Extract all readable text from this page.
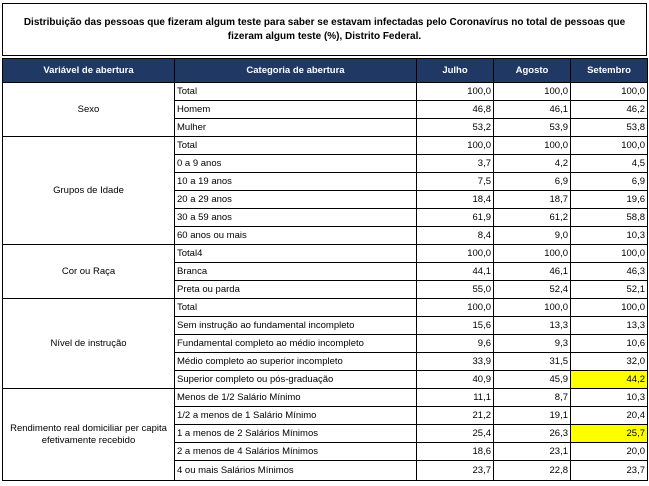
Distribuição das pessoas que fizeram algum teste para saber se estavam infectadas pelo Coronavírus no total de pessoas que
fizeram algum teste (%), Distrito Federal.
Variável de abertura	Categoria de abertura	Julho	Agosto	Setembro
Sexo	Total	100,0	100,0	100,0
	Homem	46,8	46,1	46,2
	Mulher	53,2	53,9	53,8
Grupos de Idade	Total	100,0	100,0	100,0
	0 a 9 anos	3,7	4,2	4,5
	10 a 19 anos	7,5	6,9	6,9
	20 a 29 anos	18,4	18,7	19,6
	30 a 59 anos	61,9	61,2	58,8
	60 anos ou mais	8,4	9,0	10,3
Cor ou Raça	Total4	100,0	100,0	100,0
	Branca	44,1	46,1	46,3
	Preta ou parda	55,0	52,4	52,1
Nível de instrução	Total	100,0	100,0	100,0
	Sem instrução ao fundamental incompleto	15,6	13,3	13,3
	Fundamental completo ao médio incompleto	9,6	9,3	10,6
	Médio completo ao superior incompleto	33,9	31,5	32,0
	Superior completo ou pós-graduação	40,9	45,9	44,2
Rendimento real domiciliar per capita efetivamente recebido	Menos de 1/2 Salário Mínimo	11,1	8,7	10,3
	1/2 a menos de 1 Salário Mínimo	21,2	19,1	20,4
	1 a menos de 2 Salários Mínimos	25,4	26,3	25,7
	2 a menos de 4 Salários Mínimos	18,6	23,1	20,0
	4 ou mais Salários Mínimos	23,7	22,8	23,7
